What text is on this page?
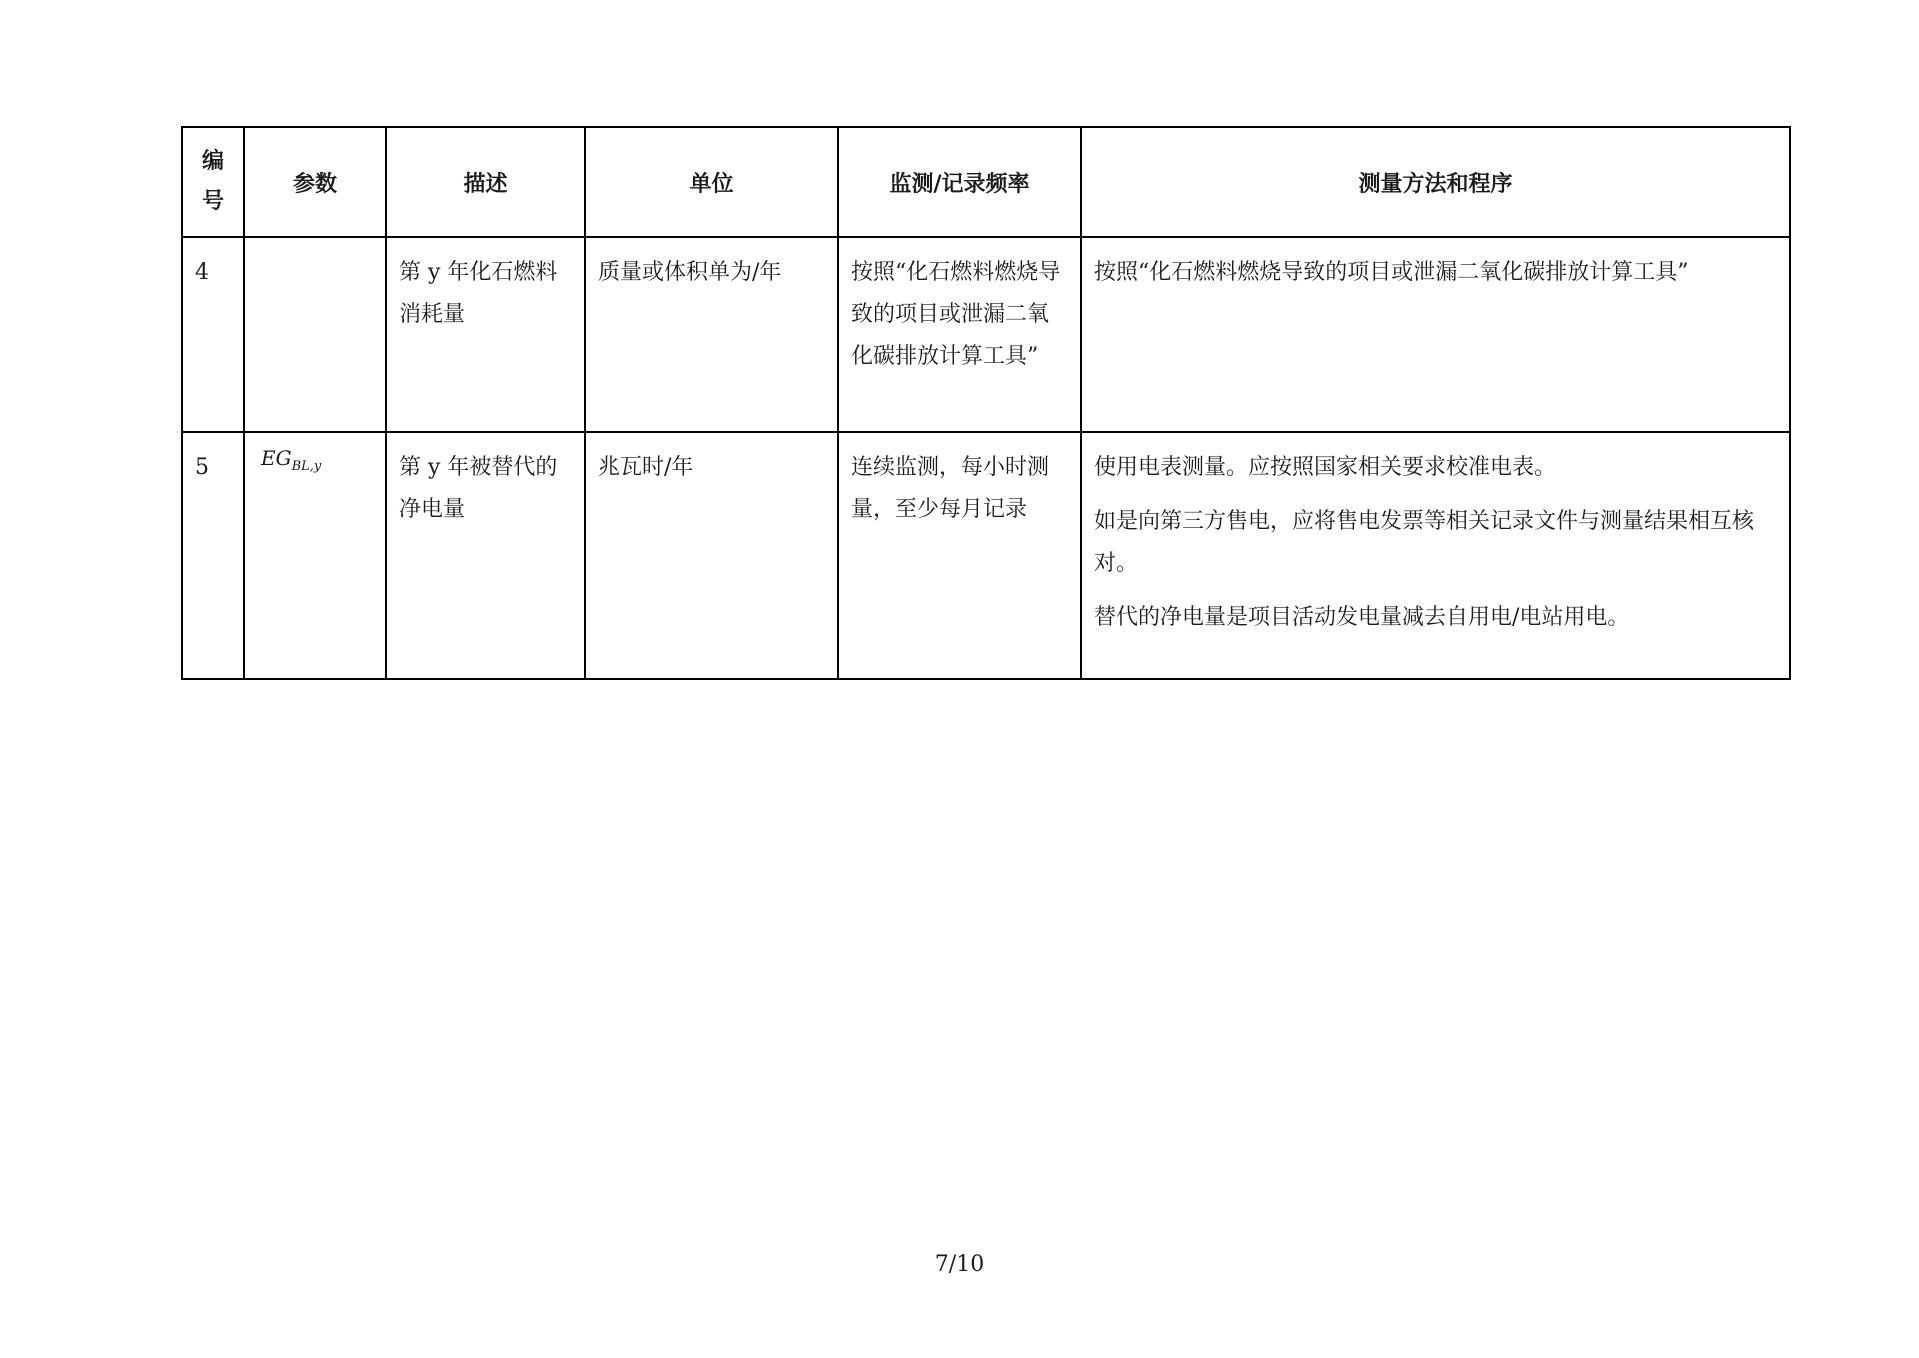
编
号	参数	描述	单位	监测/记录频率	测量方法和程序

4		第 y 年化石燃料消耗量	质量或体积单为/年	按照“化石燃料燃烧导致的项目或泄漏二氧化碳排放计算工具”	按照“化石燃料燃烧导致的项目或泄漏二氧化碳排放计算工具”

5	$EG_{BL,y}$	第 y 年被替代的净电量	兆瓦时/年	连续监测，每小时测量，至少每月记录	使用电表测量。应按照国家相关要求校准电表。

如是向第三方售电，应将售电发票等相关记录文件与测量结果相互核对。

替代的净电量是项目活动发电量减去自用电/电站用电。

7/10
